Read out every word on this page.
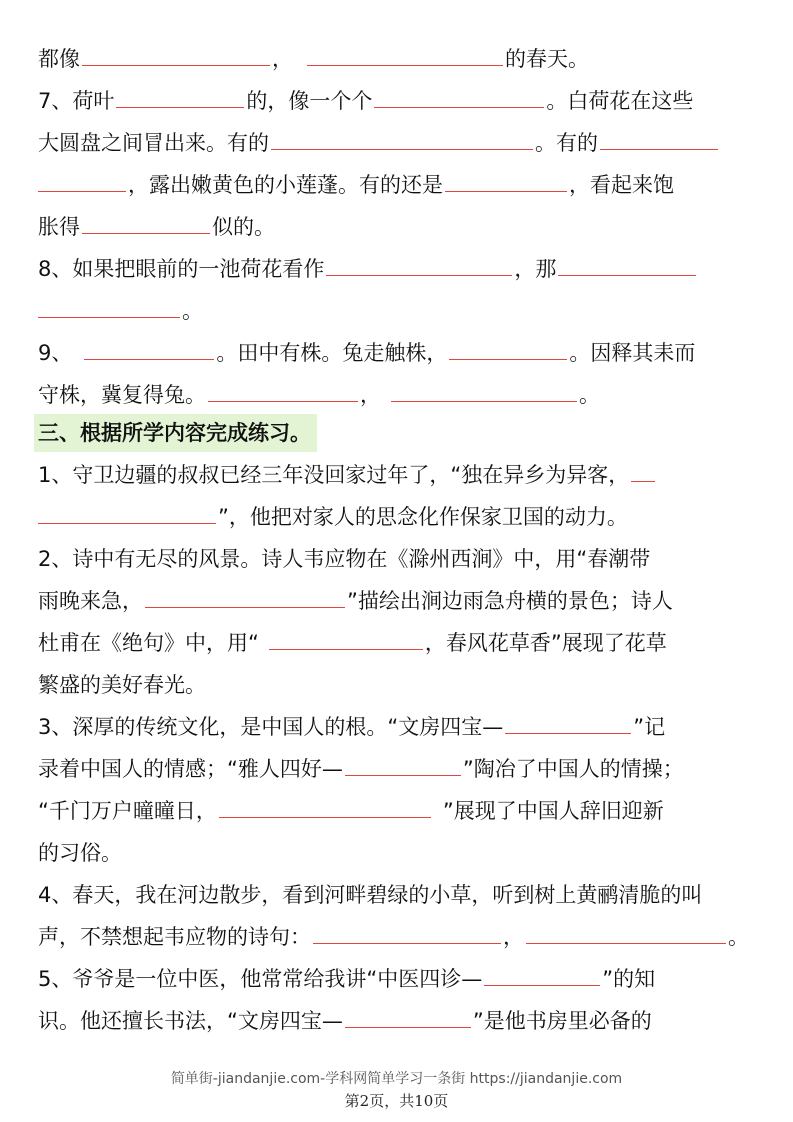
都像	，	的春天。
7、荷叶	的，像一个个	。白荷花在这些
大圆盘之间冒出来。有的	。有的
，露出嫩黄色的小莲蓬。有的还是	，看起来饱
胀得	似的。
8、如果把眼前的一池荷花看作	，那
。
9、	。田中有株。兔走触株，	。因释其耒而
守株，冀复得兔。	，	。
三、根据所学内容完成练习。
1、守卫边疆的叔叔已经三年没回家过年了，“独在异乡为异客，
”，他把对家人的思念化作保家卫国的动力。
2、诗中有无尽的风景。诗人韦应物在《滁州西涧》中，用“春潮带
雨晚来急，	”描绘出涧边雨急舟横的景色；诗人
杜甫在《绝句》中，用“	，春风花草香”展现了花草
繁盛的美好春光。
3、深厚的传统文化，是中国人的根。“文房四宝—	”记
录着中国人的情感；“雅人四好—	”陶冶了中国人的情操；
“千门万户曈曈日，	”展现了中国人辞旧迎新
的习俗。
4、春天，我在河边散步，看到河畔碧绿的小草，听到树上黄鹂清脆的叫
声，不禁想起韦应物的诗句：	，	。
5、爷爷是一位中医，他常常给我讲“中医四诊—	”的知
识。他还擅长书法，“文房四宝—	”是他书房里必备的
简单街-jiandanjie.com-学科网简单学习一条街 https://jiandanjie.com
第2页，共10页
